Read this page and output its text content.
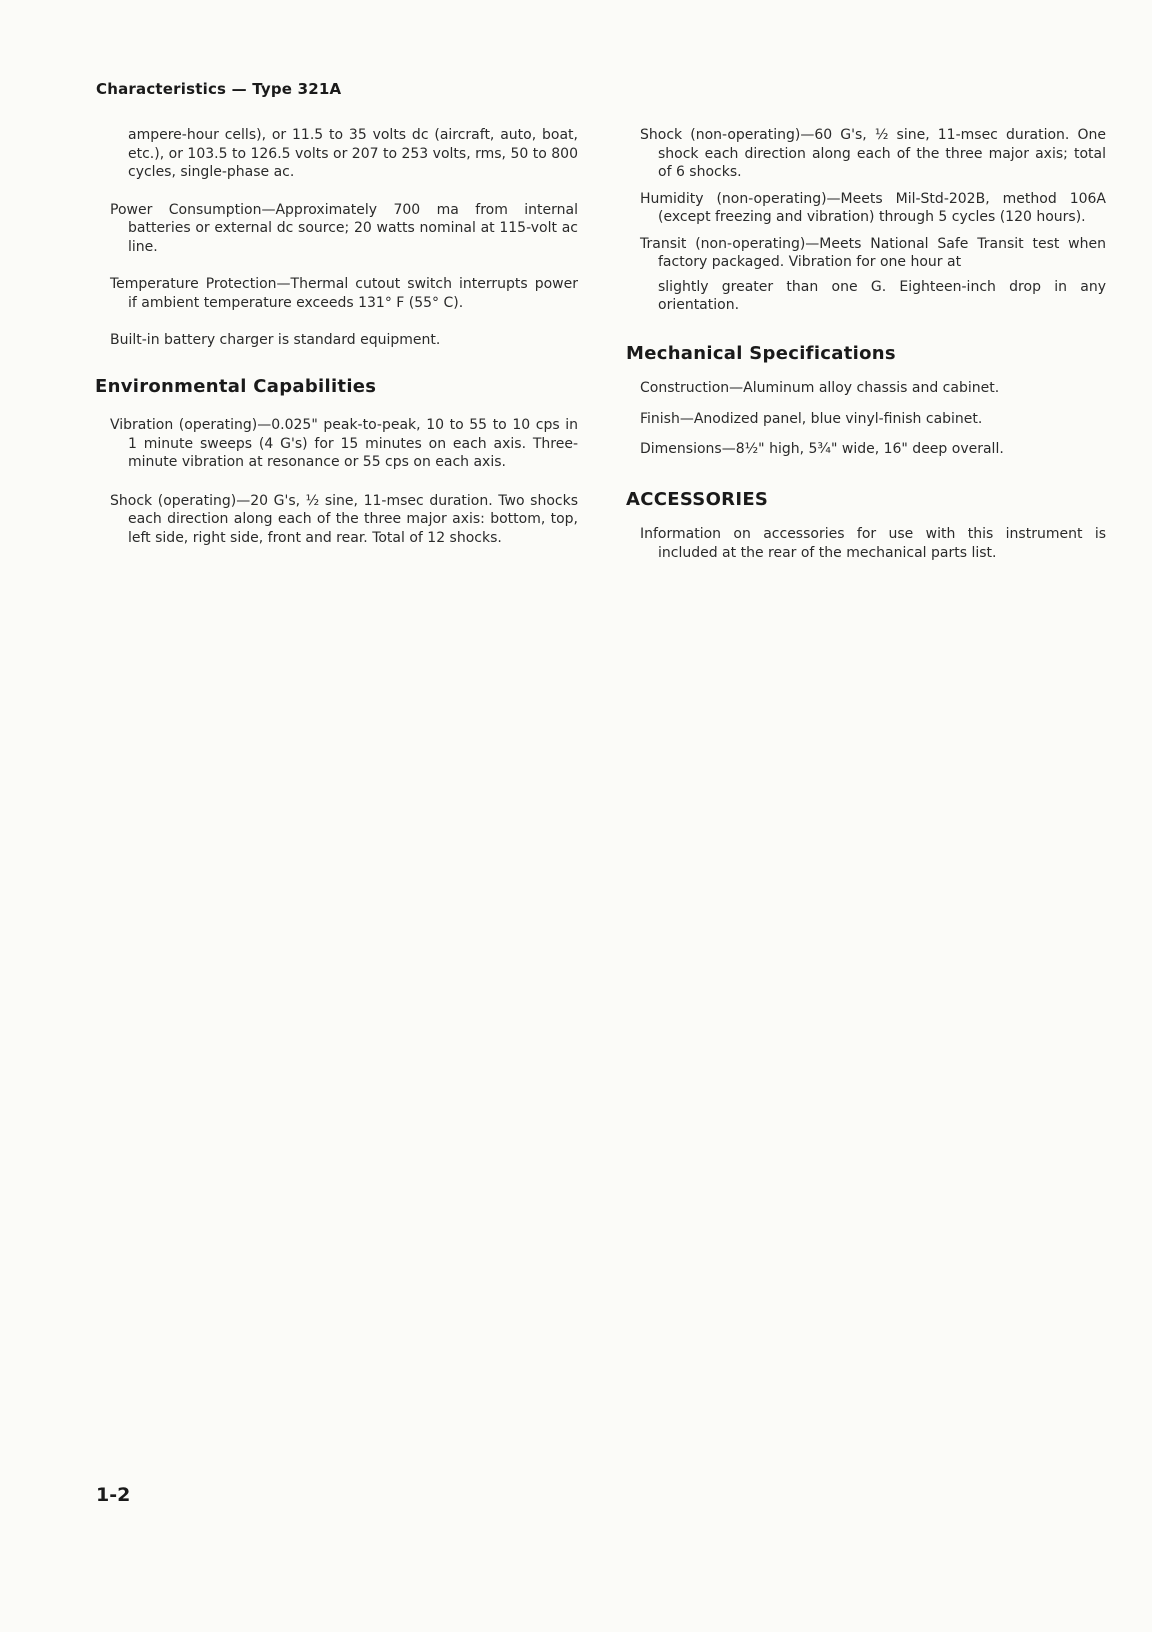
Characteristics — Type 321A

ampere-hour cells), or 11.5 to 35 volts dc (aircraft, auto, boat, etc.), or 103.5 to 126.5 volts or 207 to 253 volts, rms, 50 to 800 cycles, single-phase ac.

Power Consumption—Approximately 700 ma from internal batteries or external dc source; 20 watts nominal at 115-volt ac line.

Temperature Protection—Thermal cutout switch interrupts power if ambient temperature exceeds 131° F (55° C).

Built-in battery charger is standard equipment.

Environmental Capabilities

Vibration (operating)—0.025" peak-to-peak, 10 to 55 to 10 cps in 1 minute sweeps (4 G's) for 15 minutes on each axis. Three-minute vibration at resonance or 55 cps on each axis.

Shock (operating)—20 G's, ½ sine, 11-msec duration. Two shocks each direction along each of the three major axis: bottom, top, left side, right side, front and rear. Total of 12 shocks.

Shock (non-operating)—60 G's, ½ sine, 11-msec duration. One shock each direction along each of the three major axis; total of 6 shocks.

Humidity (non-operating)—Meets Mil-Std-202B, method 106A (except freezing and vibration) through 5 cycles (120 hours).

Transit (non-operating)—Meets National Safe Transit test when factory packaged. Vibration for one hour at

slightly greater than one G. Eighteen-inch drop in any orientation.

Mechanical Specifications

Construction—Aluminum alloy chassis and cabinet.

Finish—Anodized panel, blue vinyl-finish cabinet.

Dimensions—8½" high, 5¾" wide, 16" deep overall.

ACCESSORIES

Information on accessories for use with this instrument is included at the rear of the mechanical parts list.

1-2
